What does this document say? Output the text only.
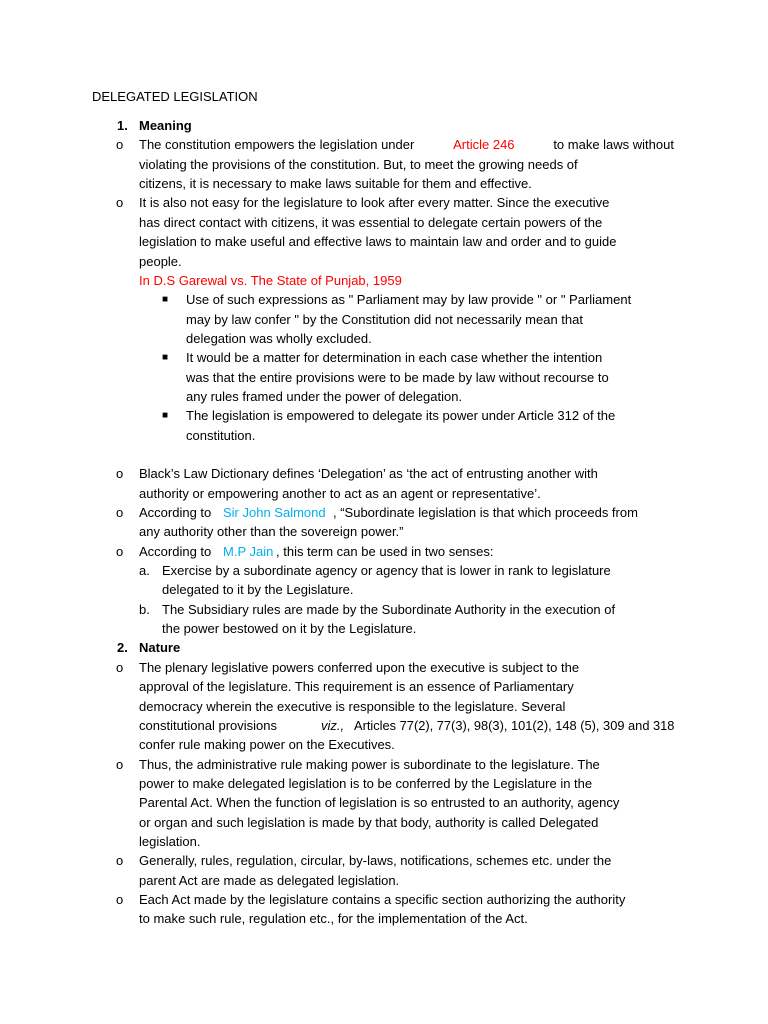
DELEGATED LEGISLATION
1. Meaning
o The constitution empowers the legislation under	Article 246	to make laws without
violating the provisions of the constitution. But, to meet the growing needs of
citizens, it is necessary to make laws suitable for them and effective.
o It is also not easy for the legislature to look after every matter. Since the executive
has direct contact with citizens, it was essential to delegate certain powers of the
legislation to make useful and effective laws to maintain law and order and to guide
people.
In D.S Garewal vs. The State of Punjab, 1959
■ Use of such expressions as " Parliament may by law provide " or " Parliament
may by law confer " by the Constitution did not necessarily mean that
delegation was wholly excluded.
■ It would be a matter for determination in each case whether the intention
was that the entire provisions were to be made by law without recourse to
any rules framed under the power of delegation.
■ The legislation is empowered to delegate its power under Article 312 of the
constitution.
o Black’s Law Dictionary defines ‘Delegation’ as ‘the act of entrusting another with
authority or empowering another to act as an agent or representative’.
o According to Sir John Salmond , “Subordinate legislation is that which proceeds from
any authority other than the sovereign power.”
o According to M.P Jain , this term can be used in two senses:
a. Exercise by a subordinate agency or agency that is lower in rank to legislature
delegated to it by the Legislature.
b. The Subsidiary rules are made by the Subordinate Authority in the execution of
the power bestowed on it by the Legislature.
2. Nature
o The plenary legislative powers conferred upon the executive is subject to the
approval of the legislature. This requirement is an essence of Parliamentary
democracy wherein the executive is responsible to the legislature. Several
constitutional provisions	viz., Articles 77(2), 77(3), 98(3), 101(2), 148 (5), 309 and 318
confer rule making power on the Executives.
o Thus, the administrative rule making power is subordinate to the legislature. The
power to make delegated legislation is to be conferred by the Legislature in the
Parental Act. When the function of legislation is so entrusted to an authority, agency
or organ and such legislation is made by that body, authority is called Delegated
legislation.
o Generally, rules, regulation, circular, by-laws, notifications, schemes etc. under the
parent Act are made as delegated legislation.
o Each Act made by the legislature contains a specific section authorizing the authority
to make such rule, regulation etc., for the implementation of the Act.
